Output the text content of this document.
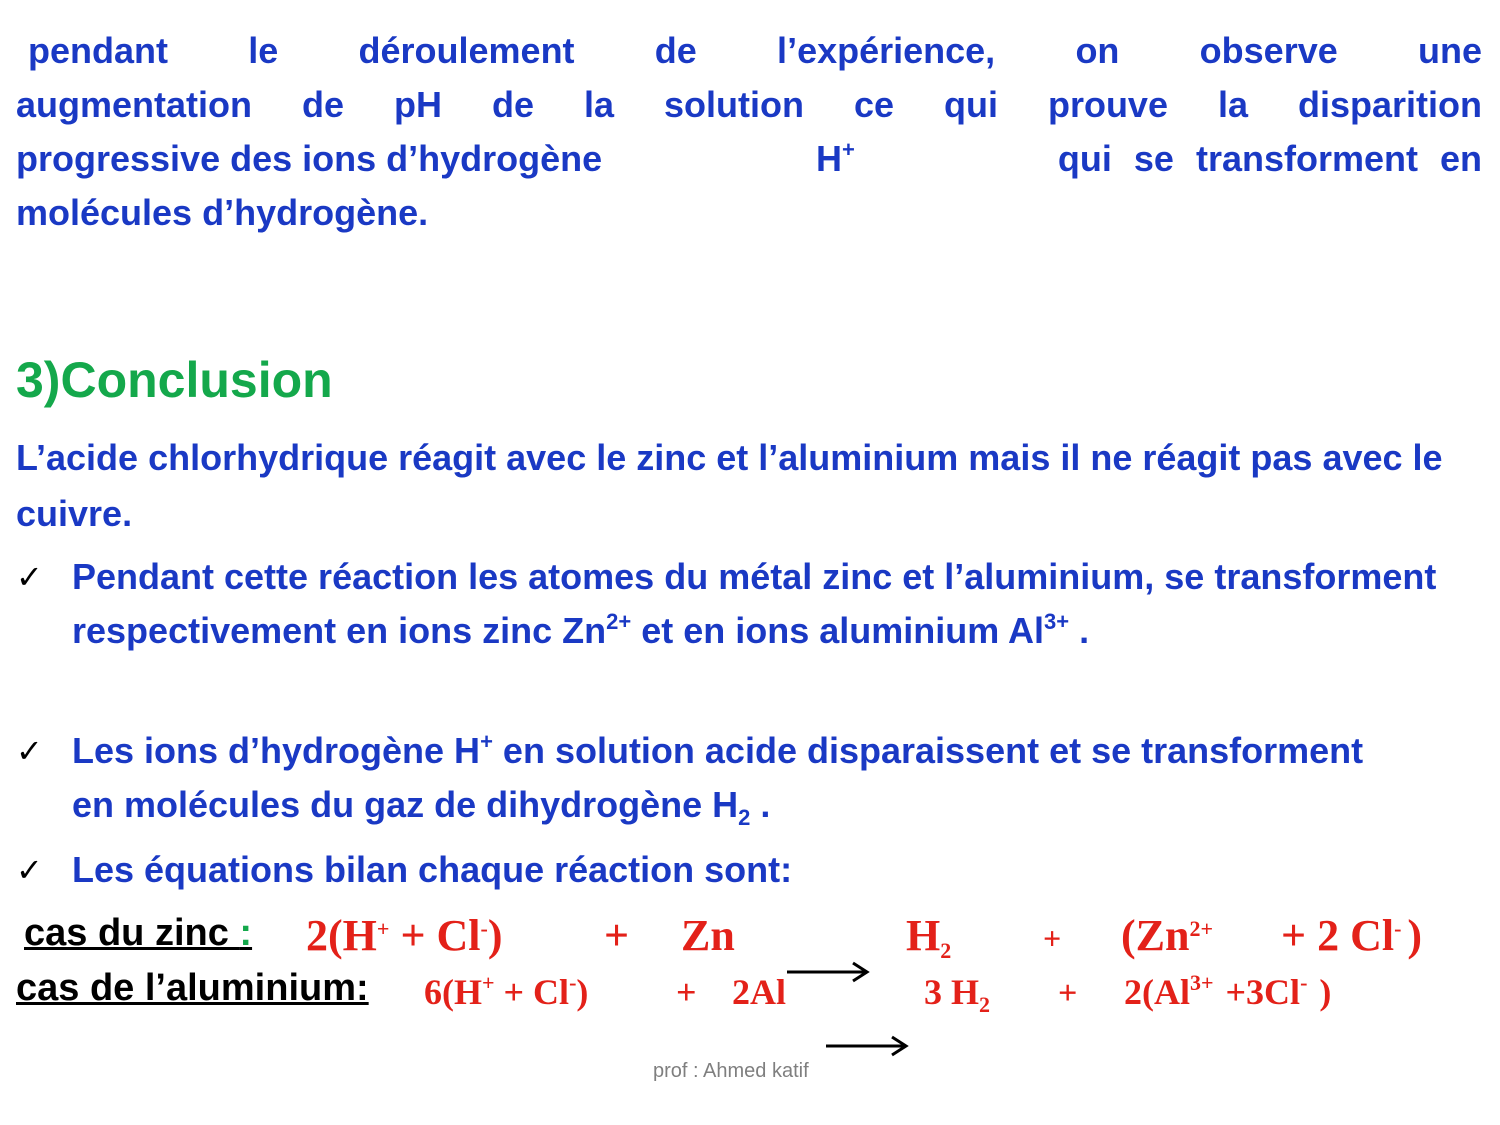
pendant le déroulement de l’expérience, on observe une
augmentation de pH de la solution ce qui prouve la disparition
progressive des ions d’hydrogène	H+	qui se transforment en
molécules d’hydrogène.
3)Conclusion
L’acide chlorhydrique réagit avec le zinc et l’aluminium mais il ne réagit pas avec le cuivre.
✓ Pendant cette réaction les atomes du métal zinc et l’aluminium, se transforment respectivement en ions zinc $Zn^{2+}$ et en ions aluminium $Al^{3+}$ .
✓ Les ions d’hydrogène H+ en solution acide disparaissent et se transforment en molécules du gaz de dihydrogène $H_2$ .
✓ Les équations bilan chaque réaction sont:
cas du zinc : 2(H+ + Cl-) + Zn	$H_2$	+ ($Zn^{2+} + 2$ Cl- )
cas de l’aluminium: 6(H+ + Cl-) + 2Al	3 $H_2 + 2(Al^{3+} +3Cl^-$ )
prof : Ahmed katif
